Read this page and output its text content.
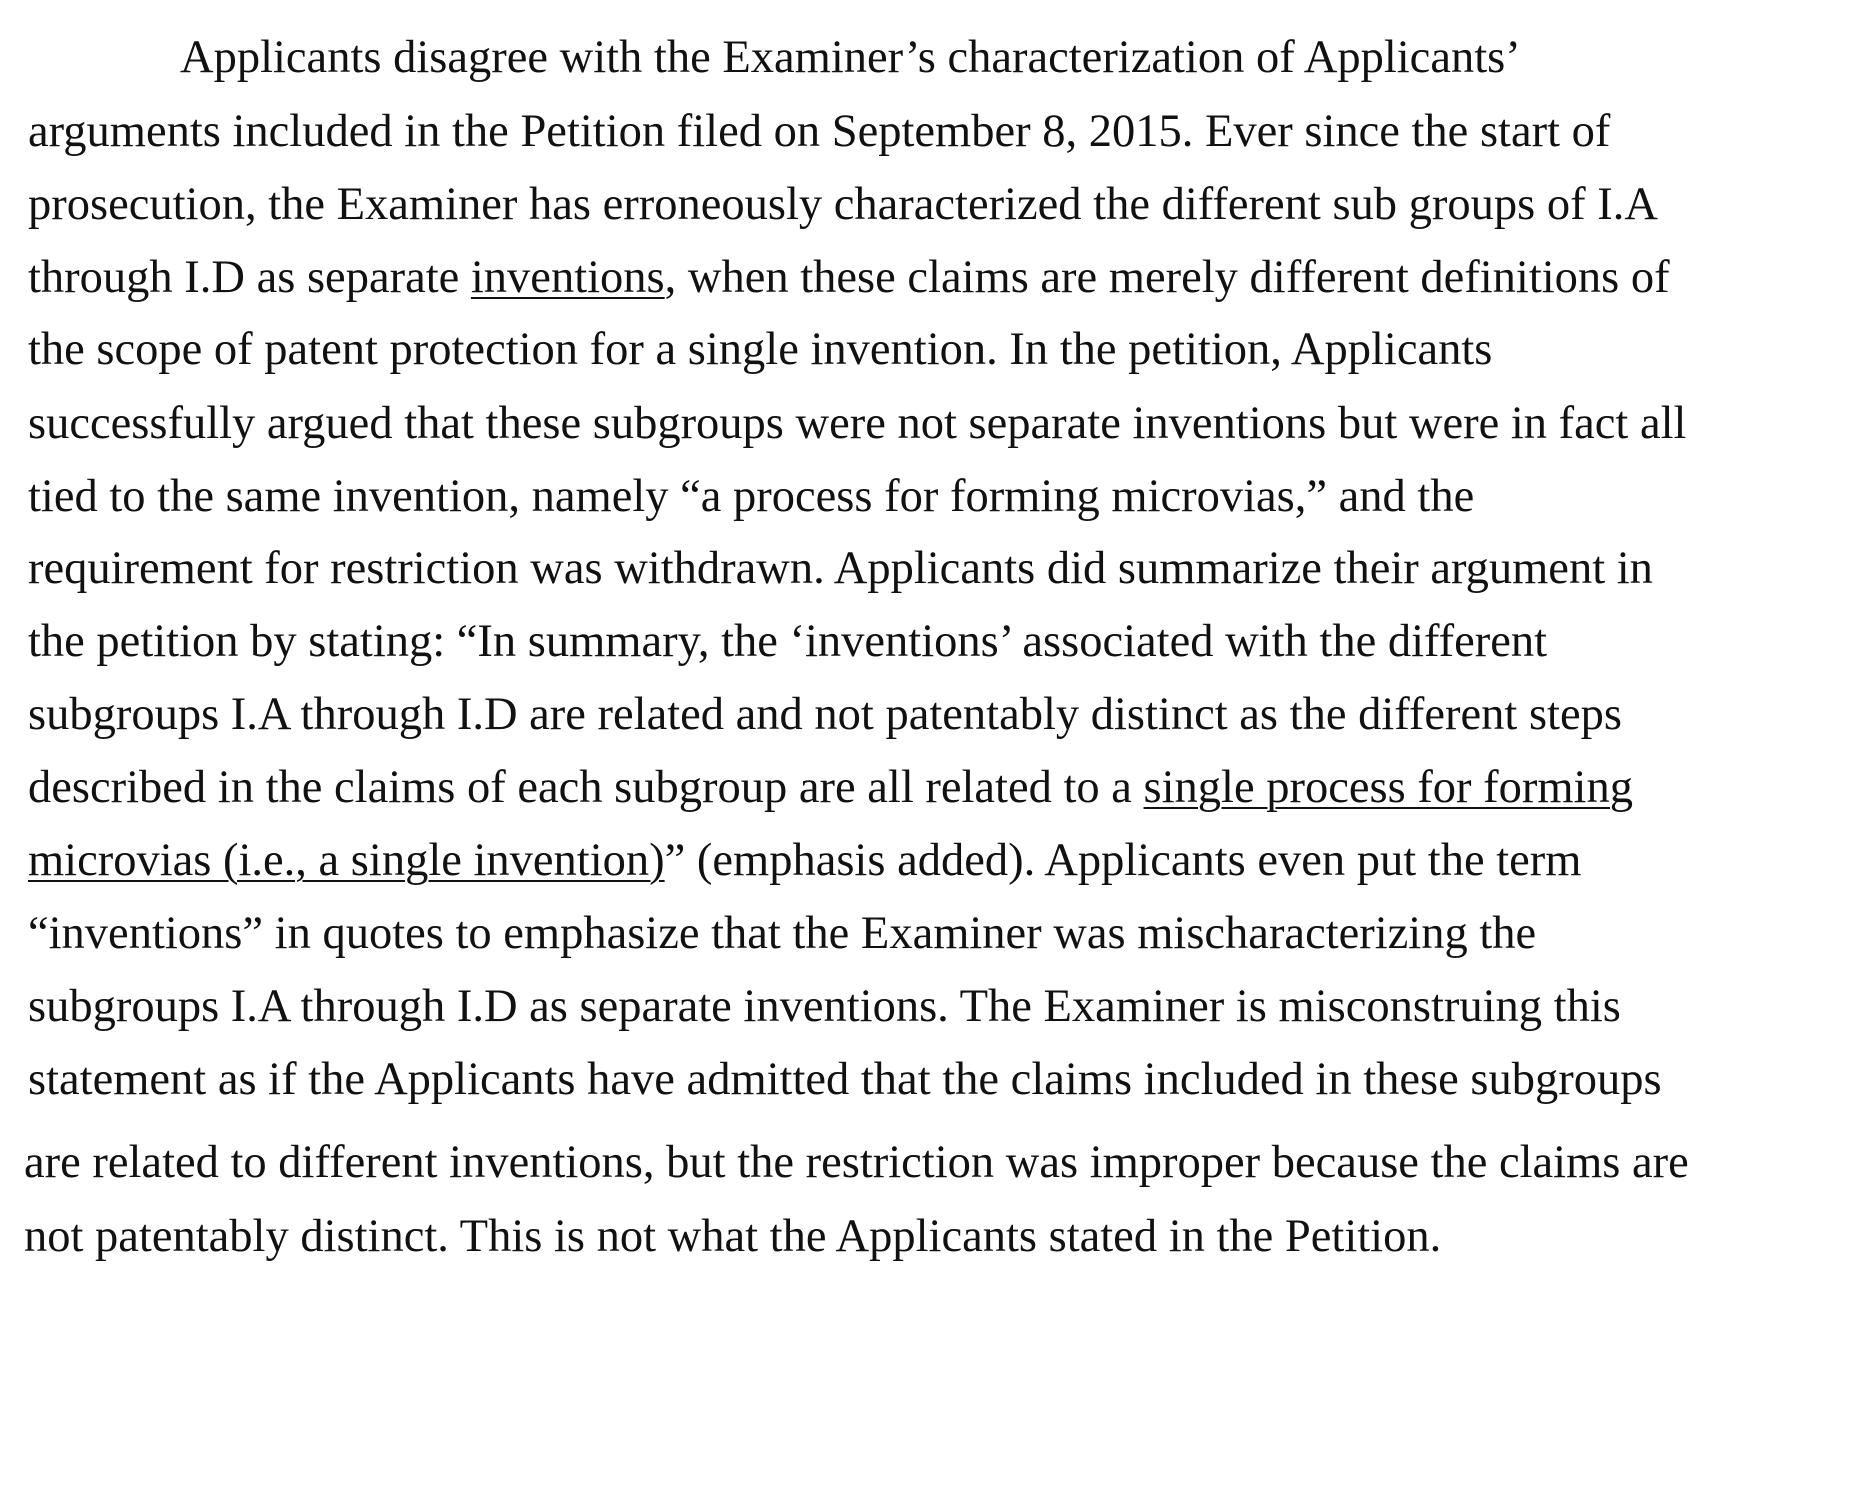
Applicants disagree with the Examiner’s characterization of Applicants’
arguments included in the Petition filed on September 8, 2015. Ever since the start of
prosecution, the Examiner has erroneously characterized the different sub groups of I.A
through I.D as separate inventions, when these claims are merely different definitions of
the scope of patent protection for a single invention. In the petition, Applicants
successfully argued that these subgroups were not separate inventions but were in fact all
tied to the same invention, namely “a process for forming microvias,” and the
requirement for restriction was withdrawn. Applicants did summarize their argument in
the petition by stating: “In summary, the ‘inventions’ associated with the different
subgroups I.A through I.D are related and not patentably distinct as the different steps
described in the claims of each subgroup are all related to a single process for forming
microvias (i.e., a single invention)” (emphasis added). Applicants even put the term
“inventions” in quotes to emphasize that the Examiner was mischaracterizing the
subgroups I.A through I.D as separate inventions. The Examiner is misconstruing this
statement as if the Applicants have admitted that the claims included in these subgroups
are related to different inventions, but the restriction was improper because the claims are
not patentably distinct. This is not what the Applicants stated in the Petition.
